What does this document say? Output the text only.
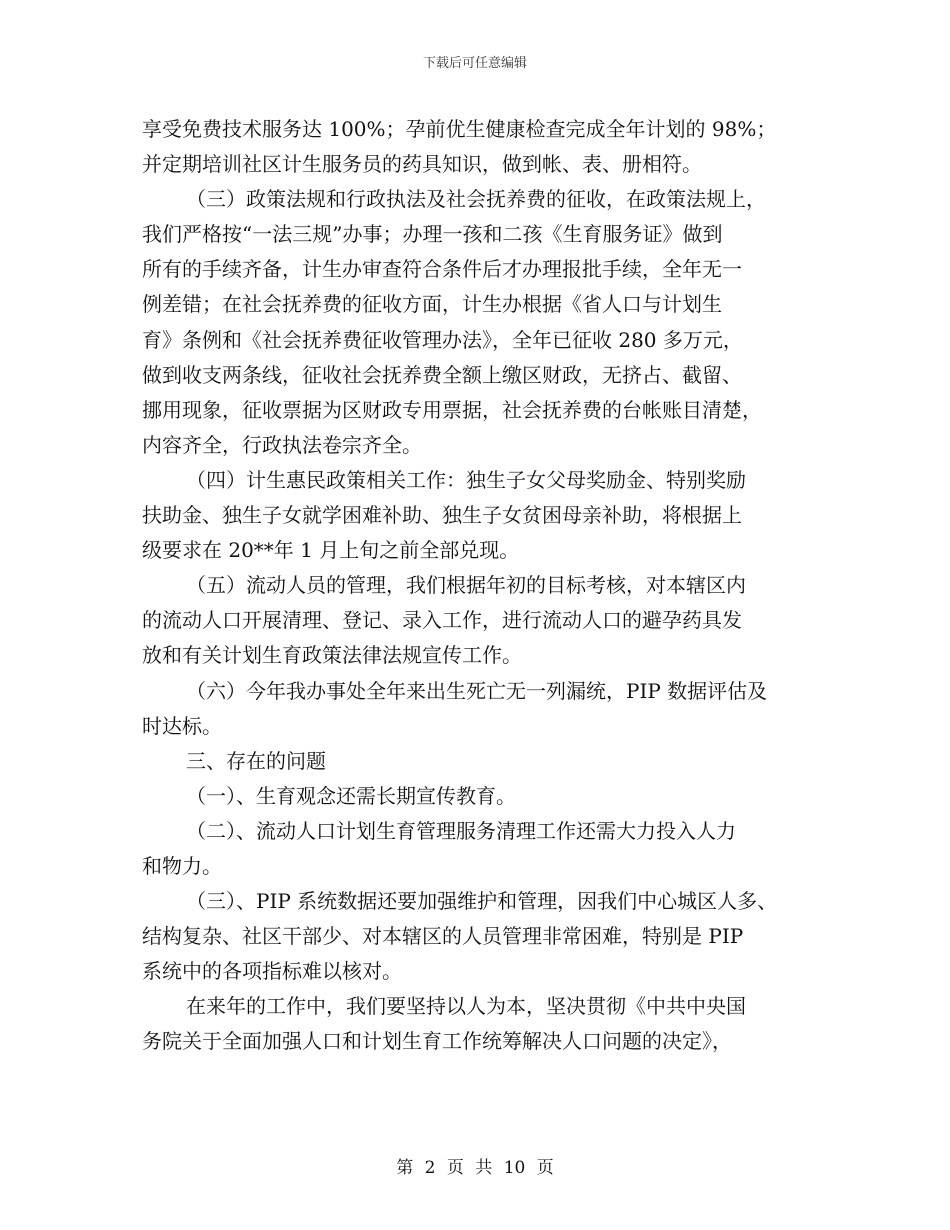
下载后可任意编辑
享受免费技术服务达 100%；孕前优生健康检查完成全年计划的 98%；
并定期培训社区计生服务员的药具知识，做到帐、表、册相符。
（三）政策法规和行政执法及社会抚养费的征收，在政策法规上，
我们严格按“一法三规”办事；办理一孩和二孩《生育服务证》做到
所有的手续齐备，计生办审查符合条件后才办理报批手续，全年无一
例差错；在社会抚养费的征收方面，计生办根据《省人口与计划生
育》条例和《社会抚养费征收管理办法》，全年已征收 280 多万元，
做到收支两条线，征收社会抚养费全额上缴区财政，无挤占、截留、
挪用现象，征收票据为区财政专用票据，社会抚养费的台帐账目清楚，
内容齐全，行政执法卷宗齐全。
（四）计生惠民政策相关工作：独生子女父母奖励金、特别奖励
扶助金、独生子女就学困难补助、独生子女贫困母亲补助，将根据上
级要求在 20**年 1 月上旬之前全部兑现。
（五）流动人员的管理，我们根据年初的目标考核，对本辖区内
的流动人口开展清理、登记、录入工作，进行流动人口的避孕药具发
放和有关计划生育政策法律法规宣传工作。
（六）今年我办事处全年来出生死亡无一列漏统，PIP 数据评估及
时达标。
三、存在的问题
（一）、生育观念还需长期宣传教育。
（二）、流动人口计划生育管理服务清理工作还需大力投入人力
和物力。
（三）、PIP 系统数据还要加强维护和管理，因我们中心城区人多、
结构复杂、社区干部少、对本辖区的人员管理非常困难，特别是 PIP
系统中的各项指标难以核对。
在来年的工作中，我们要坚持以人为本，坚决贯彻《中共中央国
务院关于全面加强人口和计划生育工作统筹解决人口问题的决定》，
第 2 页 共 10 页
